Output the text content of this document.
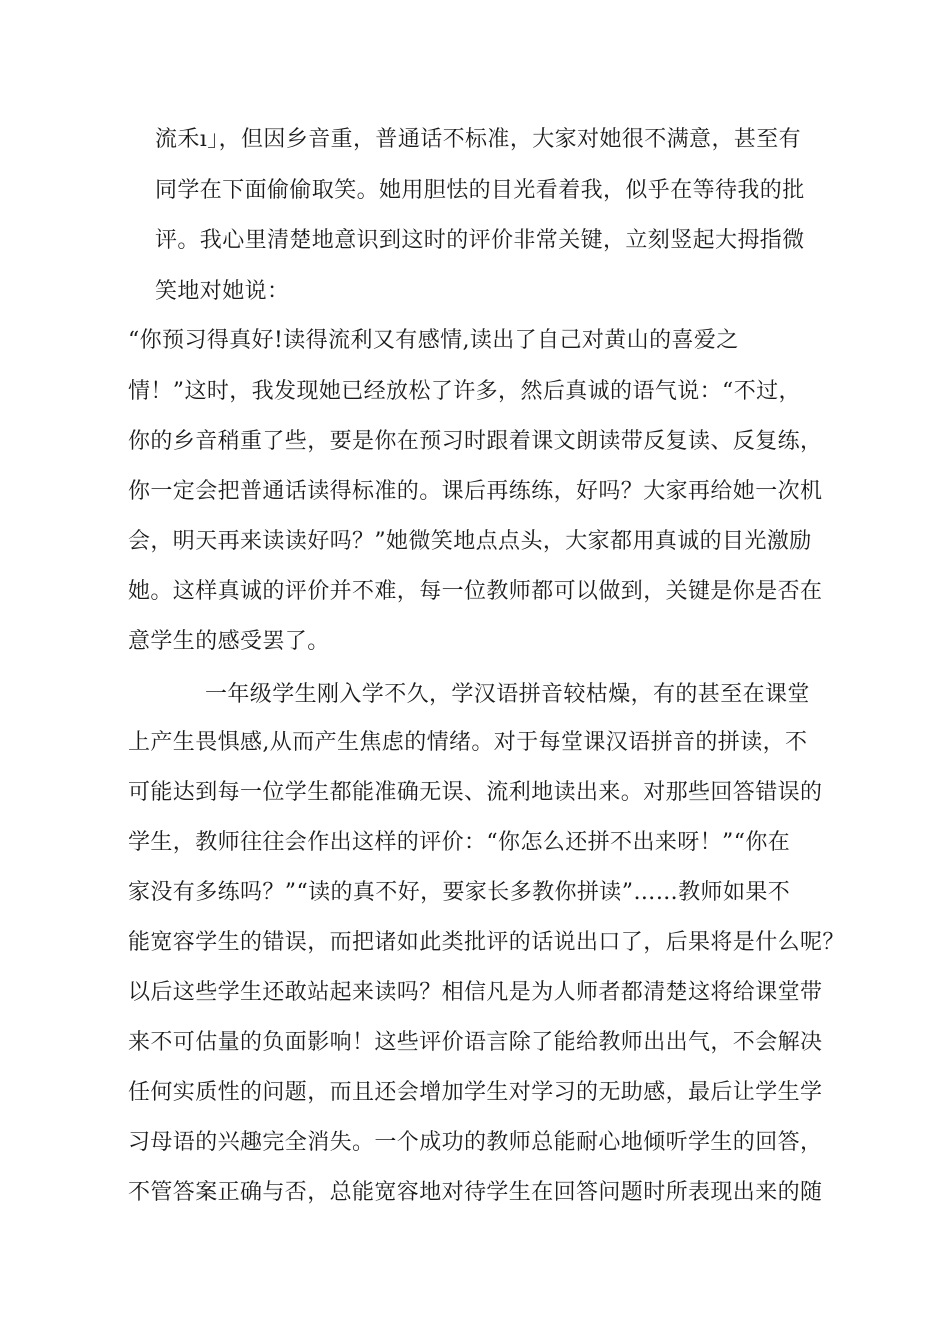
流禾ı」，但因乡音重，普通话不标准，大家对她很不满意，甚至有
同学在下面偷偷取笑。她用胆怯的目光看着我，似乎在等待我的批
评。我心里清楚地意识到这时的评价非常关键，立刻竖起大拇指微
笑地对她说：
“你预习得真好!读得流利又有感情,读出了自己对黄山的喜爱之
情！”这时，我发现她已经放松了许多，然后真诚的语气说：“不过，
你的乡音稍重了些，要是你在预习时跟着课文朗读带反复读、反复练，
你一定会把普通话读得标准的。课后再练练，好吗？大家再给她一次机
会，明天再来读读好吗？”她微笑地点点头，大家都用真诚的目光激励
她。这样真诚的评价并不难，每一位教师都可以做到，关键是你是否在
意学生的感受罢了。
一年级学生刚入学不久，学汉语拼音较枯燥，有的甚至在课堂
上产生畏惧感,从而产生焦虑的情绪。对于每堂课汉语拼音的拼读，不
可能达到每一位学生都能准确无误、流利地读出来。对那些回答错误的
学生，教师往往会作出这样的评价：“你怎么还拼不出来呀！”“你在
家没有多练吗？”“读的真不好，要家长多教你拼读”……教师如果不
能宽容学生的错误，而把诸如此类批评的话说出口了，后果将是什么呢？
以后这些学生还敢站起来读吗？相信凡是为人师者都清楚这将给课堂带
来不可估量的负面影响！这些评价语言除了能给教师出出气，不会解决
任何实质性的问题，而且还会增加学生对学习的无助感，最后让学生学
习母语的兴趣完全消失。一个成功的教师总能耐心地倾听学生的回答，
不管答案正确与否，总能宽容地对待学生在回答问题时所表现出来的随
